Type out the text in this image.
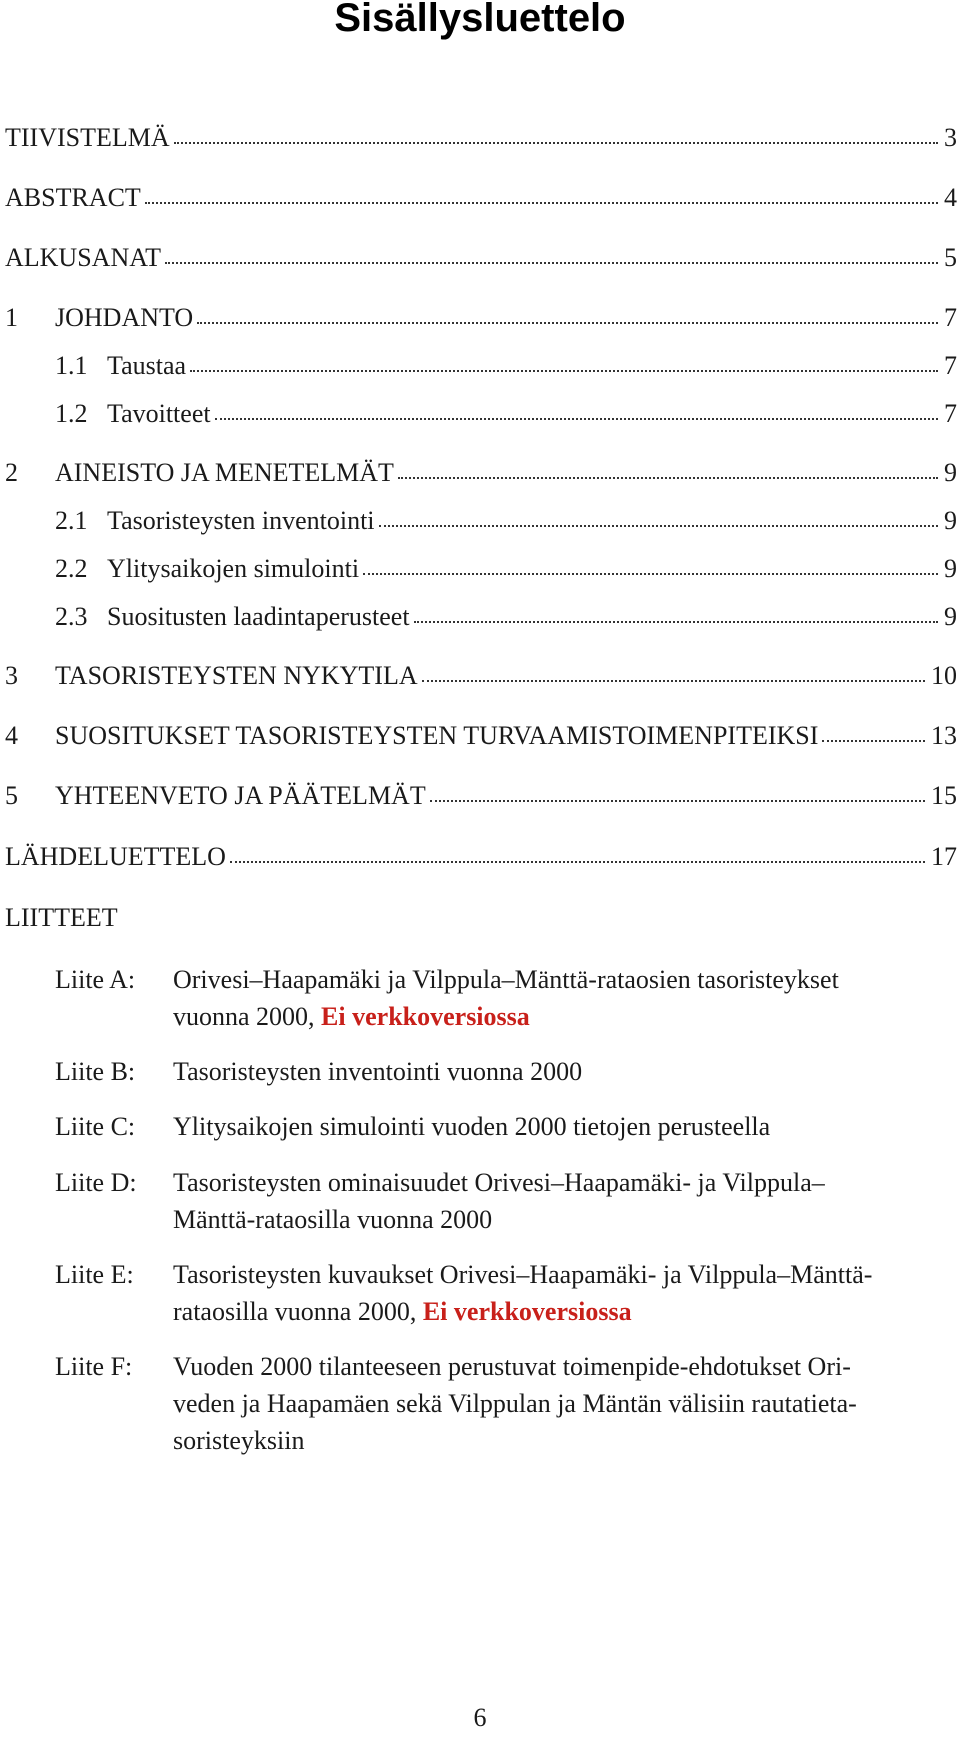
Sisällysluettelo
TIIVISTELMÄ	3
ABSTRACT	4
ALKUSANAT	5
1	JOHDANTO	7
1.1 Taustaa	7
1.2 Tavoitteet	7
2	AINEISTO JA MENETELMÄT	9
2.1 Tasoristeysten inventointi	9
2.2 Ylitysaikojen simulointi	9
2.3 Suositusten laadintaperusteet	9
3	TASORISTEYSTEN NYKYTILA	10
4	SUOSITUKSET TASORISTEYSTEN TURVAAMISTOIMENPITEIKSI	13
5	YHTEENVETO JA PÄÄTELMÄT	15
LÄHDELUETTELO	17
LIITTEET
Liite A:	Orivesi–Haapamäki ja Vilppula–Mänttä-rataosien tasoristeykset
vuonna 2000, Ei verkkoversiossa
Liite B:	Tasoristeysten inventointi vuonna 2000
Liite C:	Ylitysaikojen simulointi vuoden 2000 tietojen perusteella
Liite D:	Tasoristeysten ominaisuudet Orivesi–Haapamäki- ja Vilppula–
Mänttä-rataosilla vuonna 2000
Liite E:	Tasoristeysten kuvaukset Orivesi–Haapamäki- ja Vilppula–Mänttä-
rataosilla vuonna 2000, Ei verkkoversiossa
Liite F:	Vuoden 2000 tilanteeseen perustuvat toimenpide-ehdotukset Ori-
veden ja Haapamäen sekä Vilppulan ja Mäntän välisiin rautatieta-
soristeyksiin
6
